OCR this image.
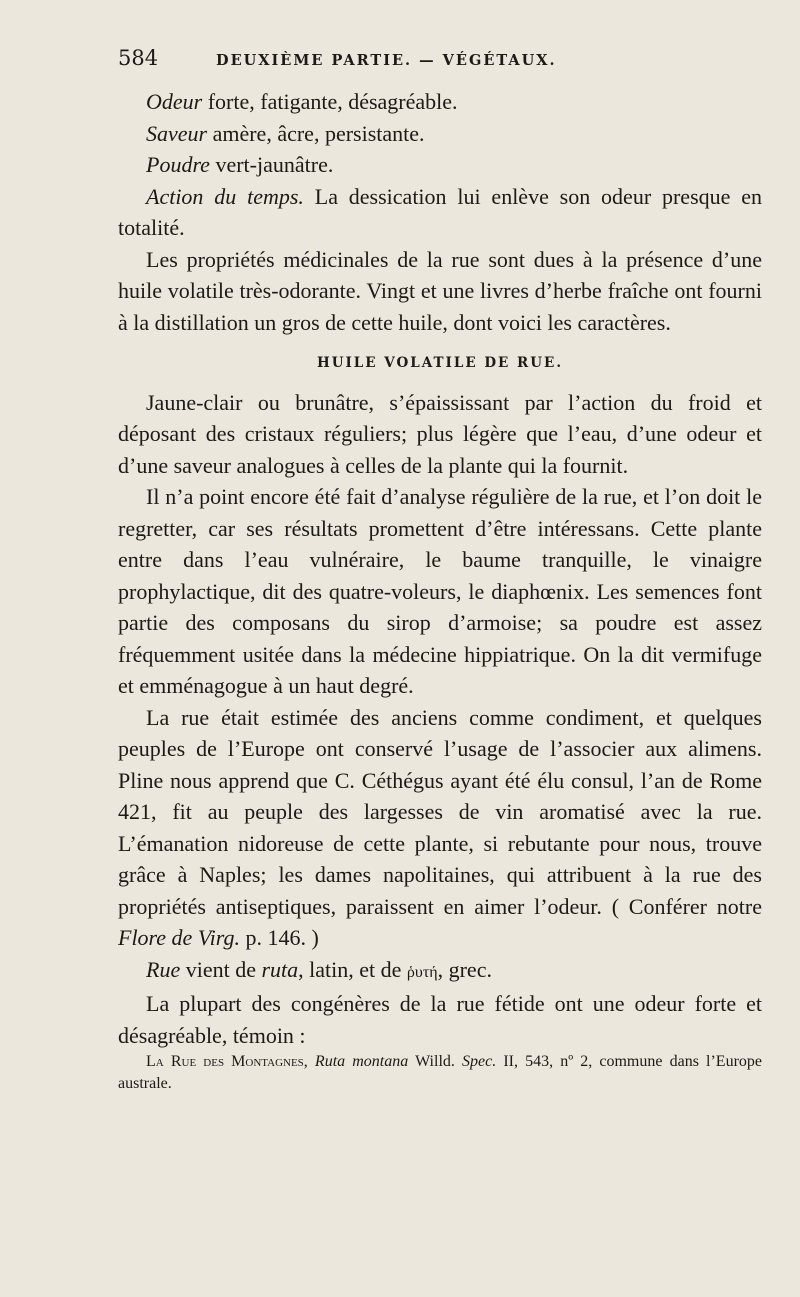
584	DEUXIÈME PARTIE. — VÉGÉTAUX.

Odeur forte, fatigante, désagréable.

Saveur amère, âcre, persistante.

Poudre vert-jaunâtre.

Action du temps. La dessication lui enlève son odeur presque en totalité.

Les propriétés médicinales de la rue sont dues à la présence d’une huile volatile très-odorante. Vingt et une livres d’herbe fraîche ont fourni à la distillation un gros de cette huile, dont voici les caractères.

HUILE VOLATILE DE RUE.

Jaune-clair ou brunâtre, s’épaississant par l’action du froid et déposant des cristaux réguliers; plus légère que l’eau, d’une odeur et d’une saveur analogues à celles de la plante qui la fournit.

Il n’a point encore été fait d’analyse régulière de la rue, et l’on doit le regretter, car ses résultats promettent d’être intéressans. Cette plante entre dans l’eau vulnéraire, le baume tranquille, le vinaigre prophylactique, dit des quatre-voleurs, le diaphœnix. Les semences font partie des composans du sirop d’armoise; sa poudre est assez fréquemment usitée dans la médecine hippiatrique. On la dit vermifuge et emménagogue à un haut degré.

La rue était estimée des anciens comme condiment, et quelques peuples de l’Europe ont conservé l’usage de l’associer aux alimens. Pline nous apprend que C. Céthégus ayant été élu consul, l’an de Rome 421, fit au peuple des largesses de vin aromatisé avec la rue. L’émanation nidoreuse de cette plante, si rebutante pour nous, trouve grâce à Naples; les dames napolitaines, qui attribuent à la rue des propriétés antiseptiques, paraissent en aimer l’odeur. ( Conférer notre Flore de Virg. p. 146. )

Rue vient de ruta, latin, et de ῥυτή, grec.

La plupart des congénères de la rue fétide ont une odeur forte et désagréable, témoin :

La Rue des Montagnes, Ruta montana Willd. Spec. II, 543, nº 2, commune dans l’Europe australe.
